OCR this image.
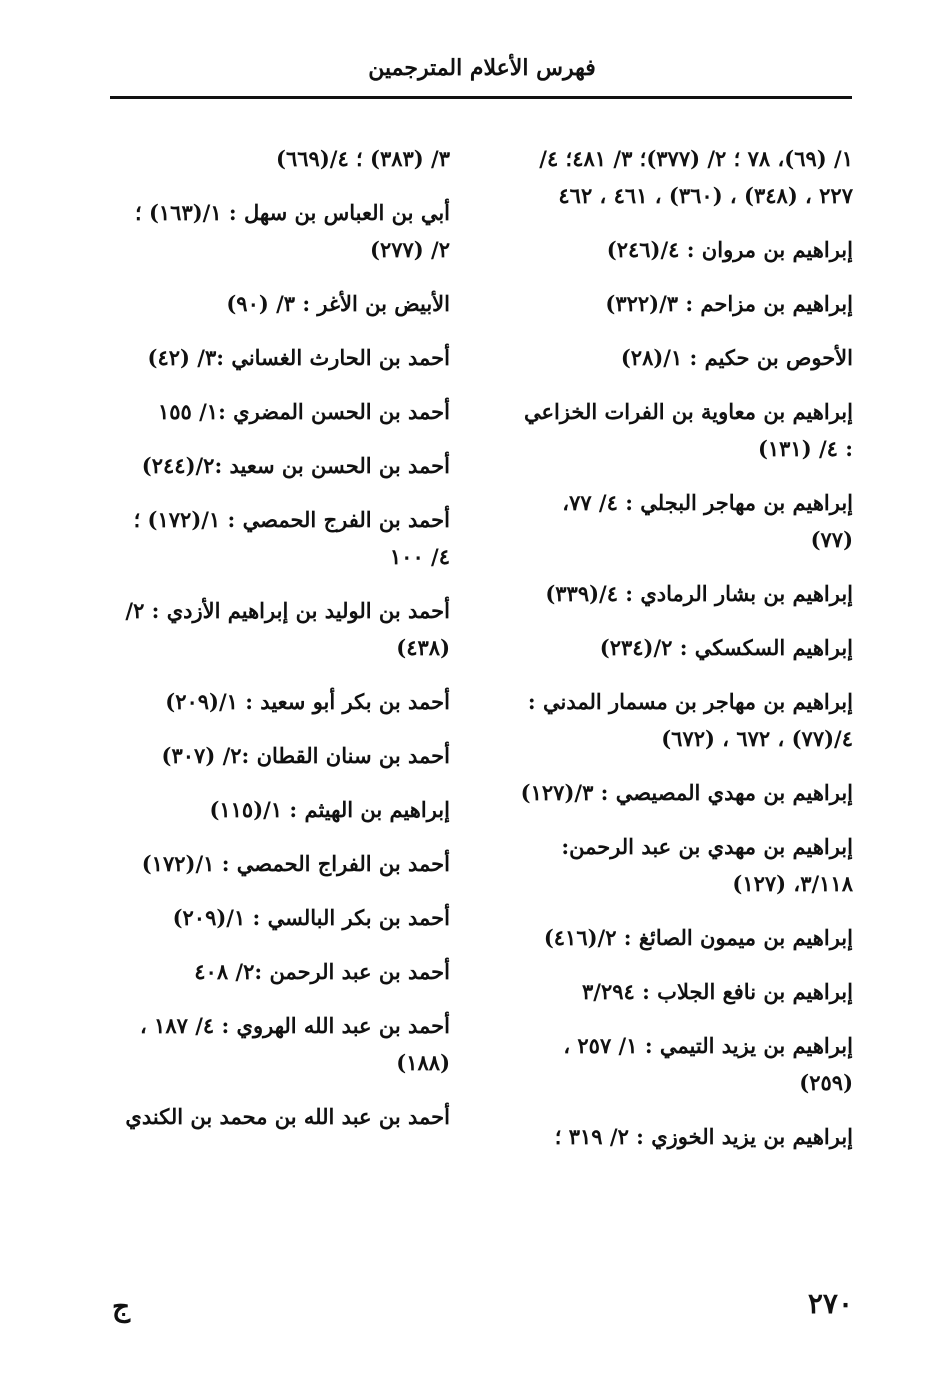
فهرس الأعلام المترجمين
١/ (٦٩)، ٧٨ ؛ ٢/ (٣٧٧)؛ ٣/ ٤٨١؛ ٤/ ٢٢٧ ، (٣٤٨) ، (٣٦٠) ، ٤٦١ ، ٤٦٢
إبراهيم بن مروان : ٤/(٢٤٦)
إبراهيم بن مزاحم : ٣/(٣٢٢)
الأحوص بن حكيم : ١/(٢٨)
إبراهيم بن معاوية بن الفرات الخزاعي : ٤/ (١٣١)
إبراهيم بن مهاجر البجلي : ٤/ ٧٧، (٧٧)
إبراهيم بن بشار الرمادي : ٤/(٣٣٩)
إبراهيم السكسكي : ٢/(٢٣٤)
إبراهيم بن مهاجر بن مسمار المدني : ٤/(٧٧) ، ٦٧٢ ، (٦٧٢)
إبراهيم بن مهدي المصيصي : ٣/(١٢٧)
إبراهيم بن مهدي بن عبد الرحمن: ٣/١١٨، (١٢٧)
إبراهيم بن ميمون الصائغ : ٢/(٤١٦)
إبراهيم بن نافع الجلاب : ٣/٢٩٤
إبراهيم بن يزيد التيمي : ١/ ٢٥٧ ، (٢٥٩)
إبراهيم بن يزيد الخوزي : ٢/ ٣١٩ ؛
٣/ (٣٨٣) ؛ ٤/(٦٦٩)
أبي بن العباس بن سهل : ١/(١٦٣) ؛ ٢/ (٢٧٧)
الأبيض بن الأغر : ٣/ (٩٠)
أحمد بن الحارث الغساني :٣/ (٤٢)
أحمد بن الحسن المضري :١/ ١٥٥
أحمد بن الحسن بن سعيد :٢/(٢٤٤)
أحمد بن الفرج الحمصي : ١/(١٧٢) ؛ ٤/ ١٠٠
أحمد بن الوليد بن إبراهيم الأزدي : ٢/ (٤٣٨)
أحمد بن بكر أبو سعيد : ١/(٢٠٩)
أحمد بن سنان القطان :٢/ (٣٠٧)
إبراهيم بن الهيثم : ١/(١١٥)
أحمد بن الفراج الحمصي : ١/(١٧٢)
أحمد بن بكر البالسي : ١/(٢٠٩)
أحمد بن عبد الرحمن :٢/ ٤٠٨
أحمد بن عبد الله الهروي : ٤/ ١٨٧ ، (١٨٨)
أحمد بن عبد الله بن محمد بن الكندي
٢٧٠
ج
